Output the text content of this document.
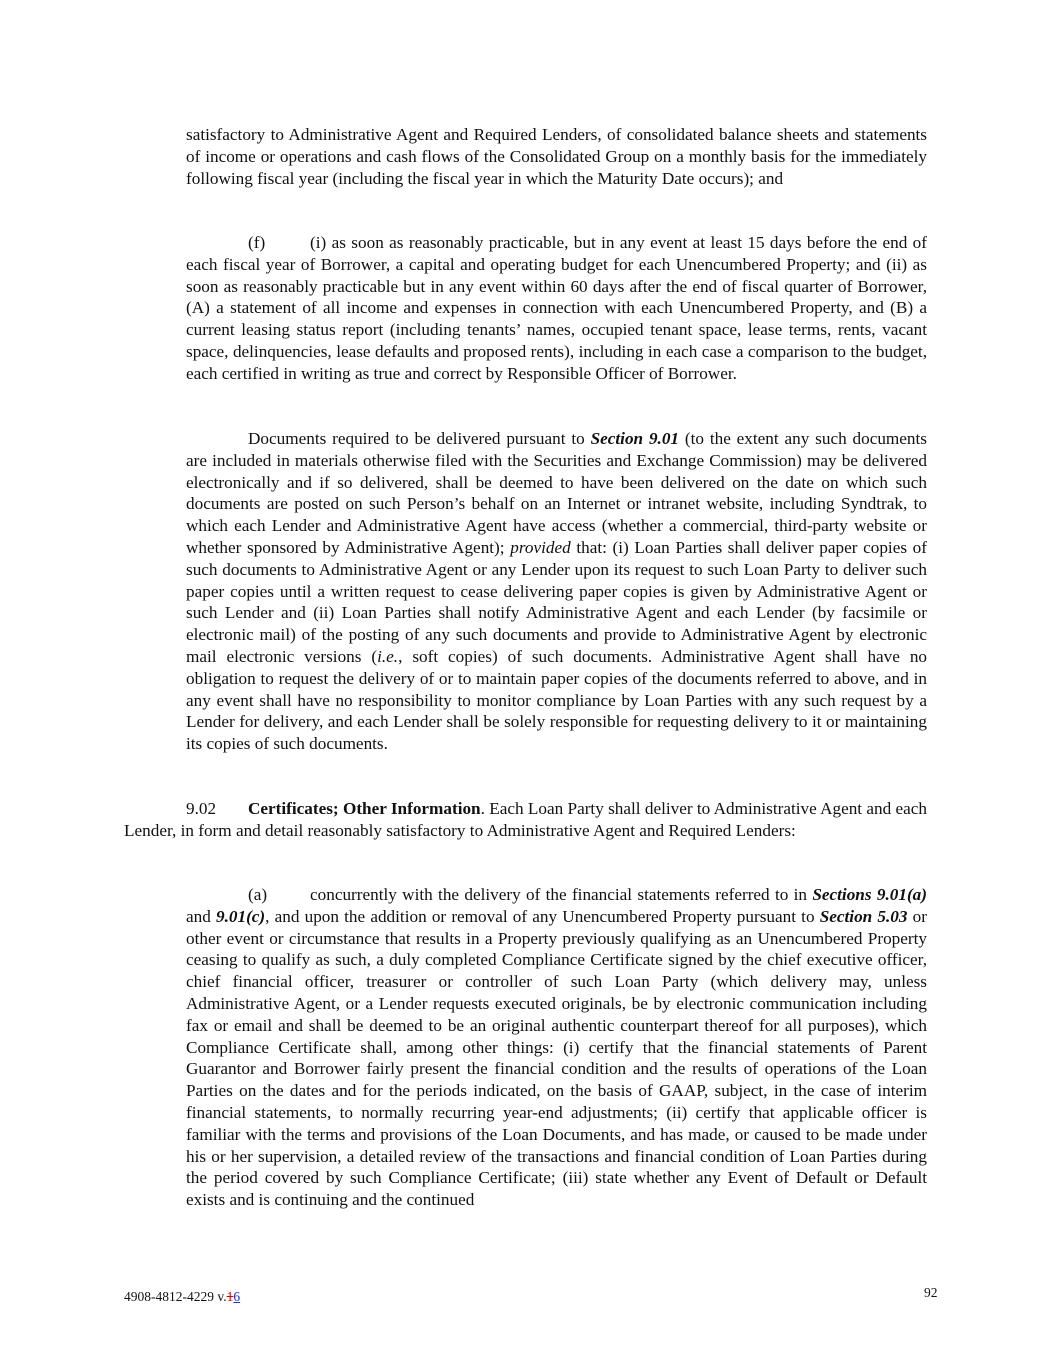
satisfactory to Administrative Agent and Required Lenders, of consolidated balance sheets and statements of income or operations and cash flows of the Consolidated Group on a monthly basis for the immediately following fiscal year (including the fiscal year in which the Maturity Date occurs); and

(f)	(i) as soon as reasonably practicable, but in any event at least 15 days before the end of each fiscal year of Borrower, a capital and operating budget for each Unencumbered Property; and (ii) as soon as reasonably practicable but in any event within 60 days after the end of fiscal quarter of Borrower, (A) a statement of all income and expenses in connection with each Unencumbered Property, and (B) a current leasing status report (including tenants’ names, occupied tenant space, lease terms, rents, vacant space, delinquencies, lease defaults and proposed rents), including in each case a comparison to the budget, each certified in writing as true and correct by Responsible Officer of Borrower.

Documents required to be delivered pursuant to Section 9.01 (to the extent any such documents are included in materials otherwise filed with the Securities and Exchange Commission) may be delivered electronically and if so delivered, shall be deemed to have been delivered on the date on which such documents are posted on such Person’s behalf on an Internet or intranet website, including Syndtrak, to which each Lender and Administrative Agent have access (whether a commercial, third-party website or whether sponsored by Administrative Agent); provided that: (i) Loan Parties shall deliver paper copies of such documents to Administrative Agent or any Lender upon its request to such Loan Party to deliver such paper copies until a written request to cease delivering paper copies is given by Administrative Agent or such Lender and (ii) Loan Parties shall notify Administrative Agent and each Lender (by facsimile or electronic mail) of the posting of any such documents and provide to Administrative Agent by electronic mail electronic versions (i.e., soft copies) of such documents. Administrative Agent shall have no obligation to request the delivery of or to maintain paper copies of the documents referred to above, and in any event shall have no responsibility to monitor compliance by Loan Parties with any such request by a Lender for delivery, and each Lender shall be solely responsible for requesting delivery to it or maintaining its copies of such documents.

9.02 Certificates; Other Information. Each Loan Party shall deliver to Administrative Agent and each Lender, in form and detail reasonably satisfactory to Administrative Agent and Required Lenders:

(a) concurrently with the delivery of the financial statements referred to in Sections 9.01(a) and 9.01(c), and upon the addition or removal of any Unencumbered Property pursuant to Section 5.03 or other event or circumstance that results in a Property previously qualifying as an Unencumbered Property ceasing to qualify as such, a duly completed Compliance Certificate signed by the chief executive officer, chief financial officer, treasurer or controller of such Loan Party (which delivery may, unless Administrative Agent, or a Lender requests executed originals, be by electronic communication including fax or email and shall be deemed to be an original authentic counterpart thereof for all purposes), which Compliance Certificate shall, among other things: (i) certify that the financial statements of Parent Guarantor and Borrower fairly present the financial condition and the results of operations of the Loan Parties on the dates and for the periods indicated, on the basis of GAAP, subject, in the case of interim financial statements, to normally recurring year-end adjustments; (ii) certify that applicable officer is familiar with the terms and provisions of the Loan Documents, and has made, or caused to be made under his or her supervision, a detailed review of the transactions and financial condition of Loan Parties during the period covered by such Compliance Certificate; (iii) state whether any Event of Default or Default exists and is continuing and the continued

4908-4812-4229 v.16	92
